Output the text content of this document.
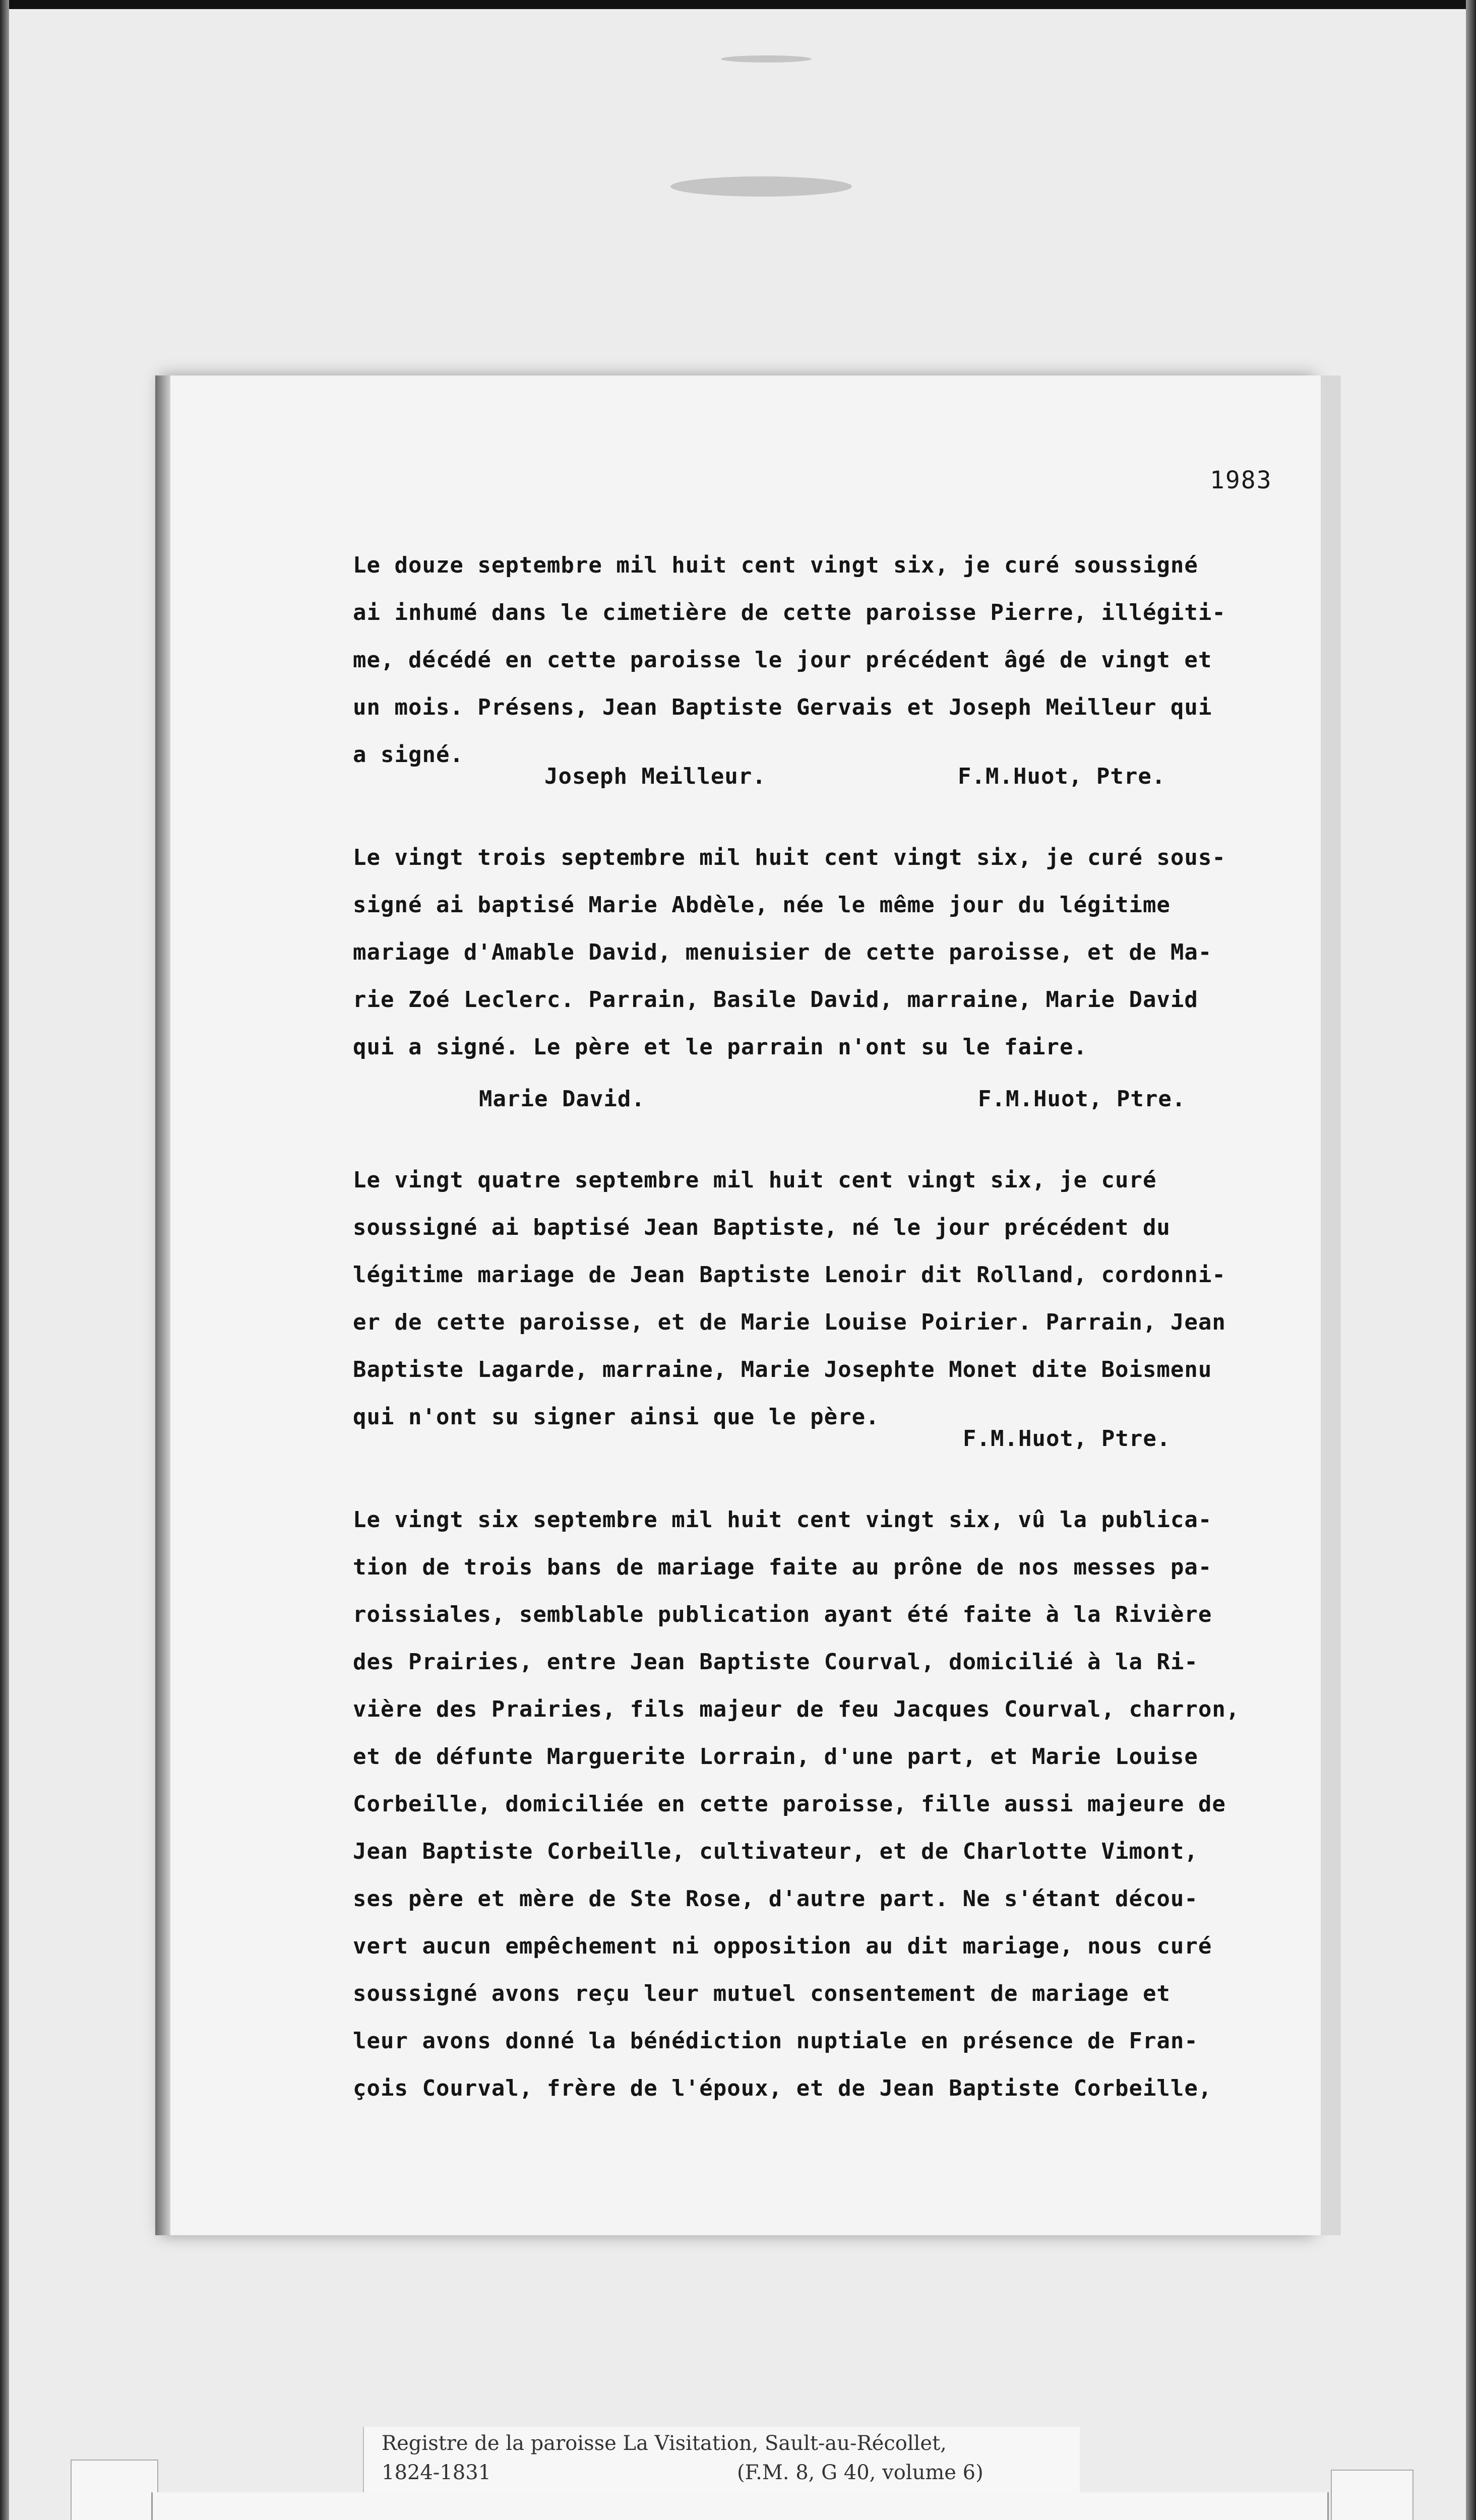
1983

Le douze septembre mil huit cent vingt six, je curé soussigné
ai inhumé dans le cimetière de cette paroisse Pierre, illégiti-
me, décédé en cette paroisse le jour précédent âgé de vingt et
un mois. Présens, Jean Baptiste Gervais et Joseph Meilleur qui
a signé.

Joseph Meilleur.	F.M.Huot, Ptre.

Le vingt trois septembre mil huit cent vingt six, je curé sous-
signé ai baptisé Marie Abdèle, née le même jour du légitime
mariage d'Amable David, menuisier de cette paroisse, et de Ma-
rie Zoé Leclerc. Parrain, Basile David, marraine, Marie David
qui a signé. Le père et le parrain n'ont su le faire.

Marie David.	F.M.Huot, Ptre.

Le vingt quatre septembre mil huit cent vingt six, je curé
soussigné ai baptisé Jean Baptiste, né le jour précédent du
légitime mariage de Jean Baptiste Lenoir dit Rolland, cordonni-
er de cette paroisse, et de Marie Louise Poirier. Parrain, Jean
Baptiste Lagarde, marraine, Marie Josephte Monet dite Boismenu
qui n'ont su signer ainsi que le père.

F.M.Huot, Ptre.

Le vingt six septembre mil huit cent vingt six, vû la publica-
tion de trois bans de mariage faite au prône de nos messes pa-
roissiales, semblable publication ayant été faite à la Rivière
des Prairies, entre Jean Baptiste Courval, domicilié à la Ri-
vière des Prairies, fils majeur de feu Jacques Courval, charron,
et de défunte Marguerite Lorrain, d'une part, et Marie Louise
Corbeille, domiciliée en cette paroisse, fille aussi majeure de
Jean Baptiste Corbeille, cultivateur, et de Charlotte Vimont,
ses père et mère de Ste Rose, d'autre part. Ne s'étant décou-
vert aucun empêchement ni opposition au dit mariage, nous curé
soussigné avons reçu leur mutuel consentement de mariage et
leur avons donné la bénédiction nuptiale en présence de Fran-
çois Courval, frère de l'époux, et de Jean Baptiste Corbeille,

Registre de la paroisse La Visitation, Sault-au-Récollet,
1824-1831	(F.M. 8, G 40, volume 6)
